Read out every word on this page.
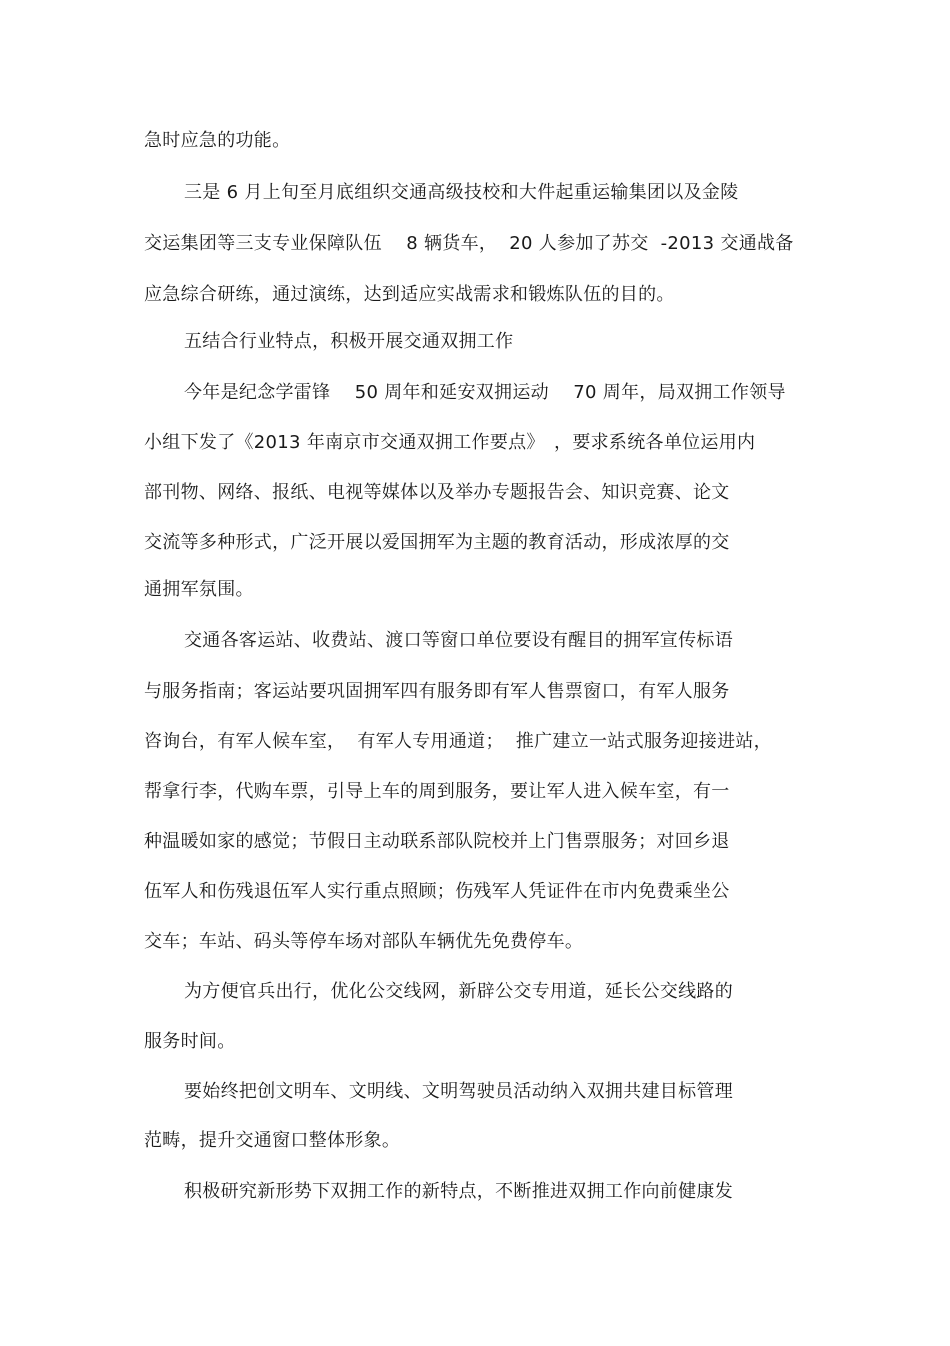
急时应急的功能。
三是 6 月上旬至月底组织交通高级技校和大件起重运输集团以及金陵
交运集团等三支专业保障队伍　 8 辆货车，  20 人参加了苏交  -2013 交通战备
应急综合研练，通过演练，达到适应实战需求和锻炼队伍的目的。
五结合行业特点，积极开展交通双拥工作
今年是纪念学雷锋　 50 周年和延安双拥运动　 70 周年，局双拥工作领导
小组下发了《2013 年南京市交通双拥工作要点》　，要求系统各单位运用内
部刊物、网络、报纸、电视等媒体以及举办专题报告会、知识竞赛、论文
交流等多种形式，广泛开展以爱国拥军为主题的教育活动，形成浓厚的交
通拥军氛围。
交通各客运站、收费站、渡口等窗口单位要设有醒目的拥军宣传标语
与服务指南；客运站要巩固拥军四有服务即有军人售票窗口，有军人服务
咨询台，有军人候车室，  有军人专用通道；  推广建立一站式服务迎接进站，
帮拿行李，代购车票，引导上车的周到服务，要让军人进入候车室，有一
种温暖如家的感觉；节假日主动联系部队院校并上门售票服务；对回乡退
伍军人和伤残退伍军人实行重点照顾；伤残军人凭证件在市内免费乘坐公
交车；车站、码头等停车场对部队车辆优先免费停车。
为方便官兵出行，优化公交线网，新辟公交专用道，延长公交线路的
服务时间。
要始终把创文明车、文明线、文明驾驶员活动纳入双拥共建目标管理
范畴，提升交通窗口整体形象。
积极研究新形势下双拥工作的新特点，不断推进双拥工作向前健康发
